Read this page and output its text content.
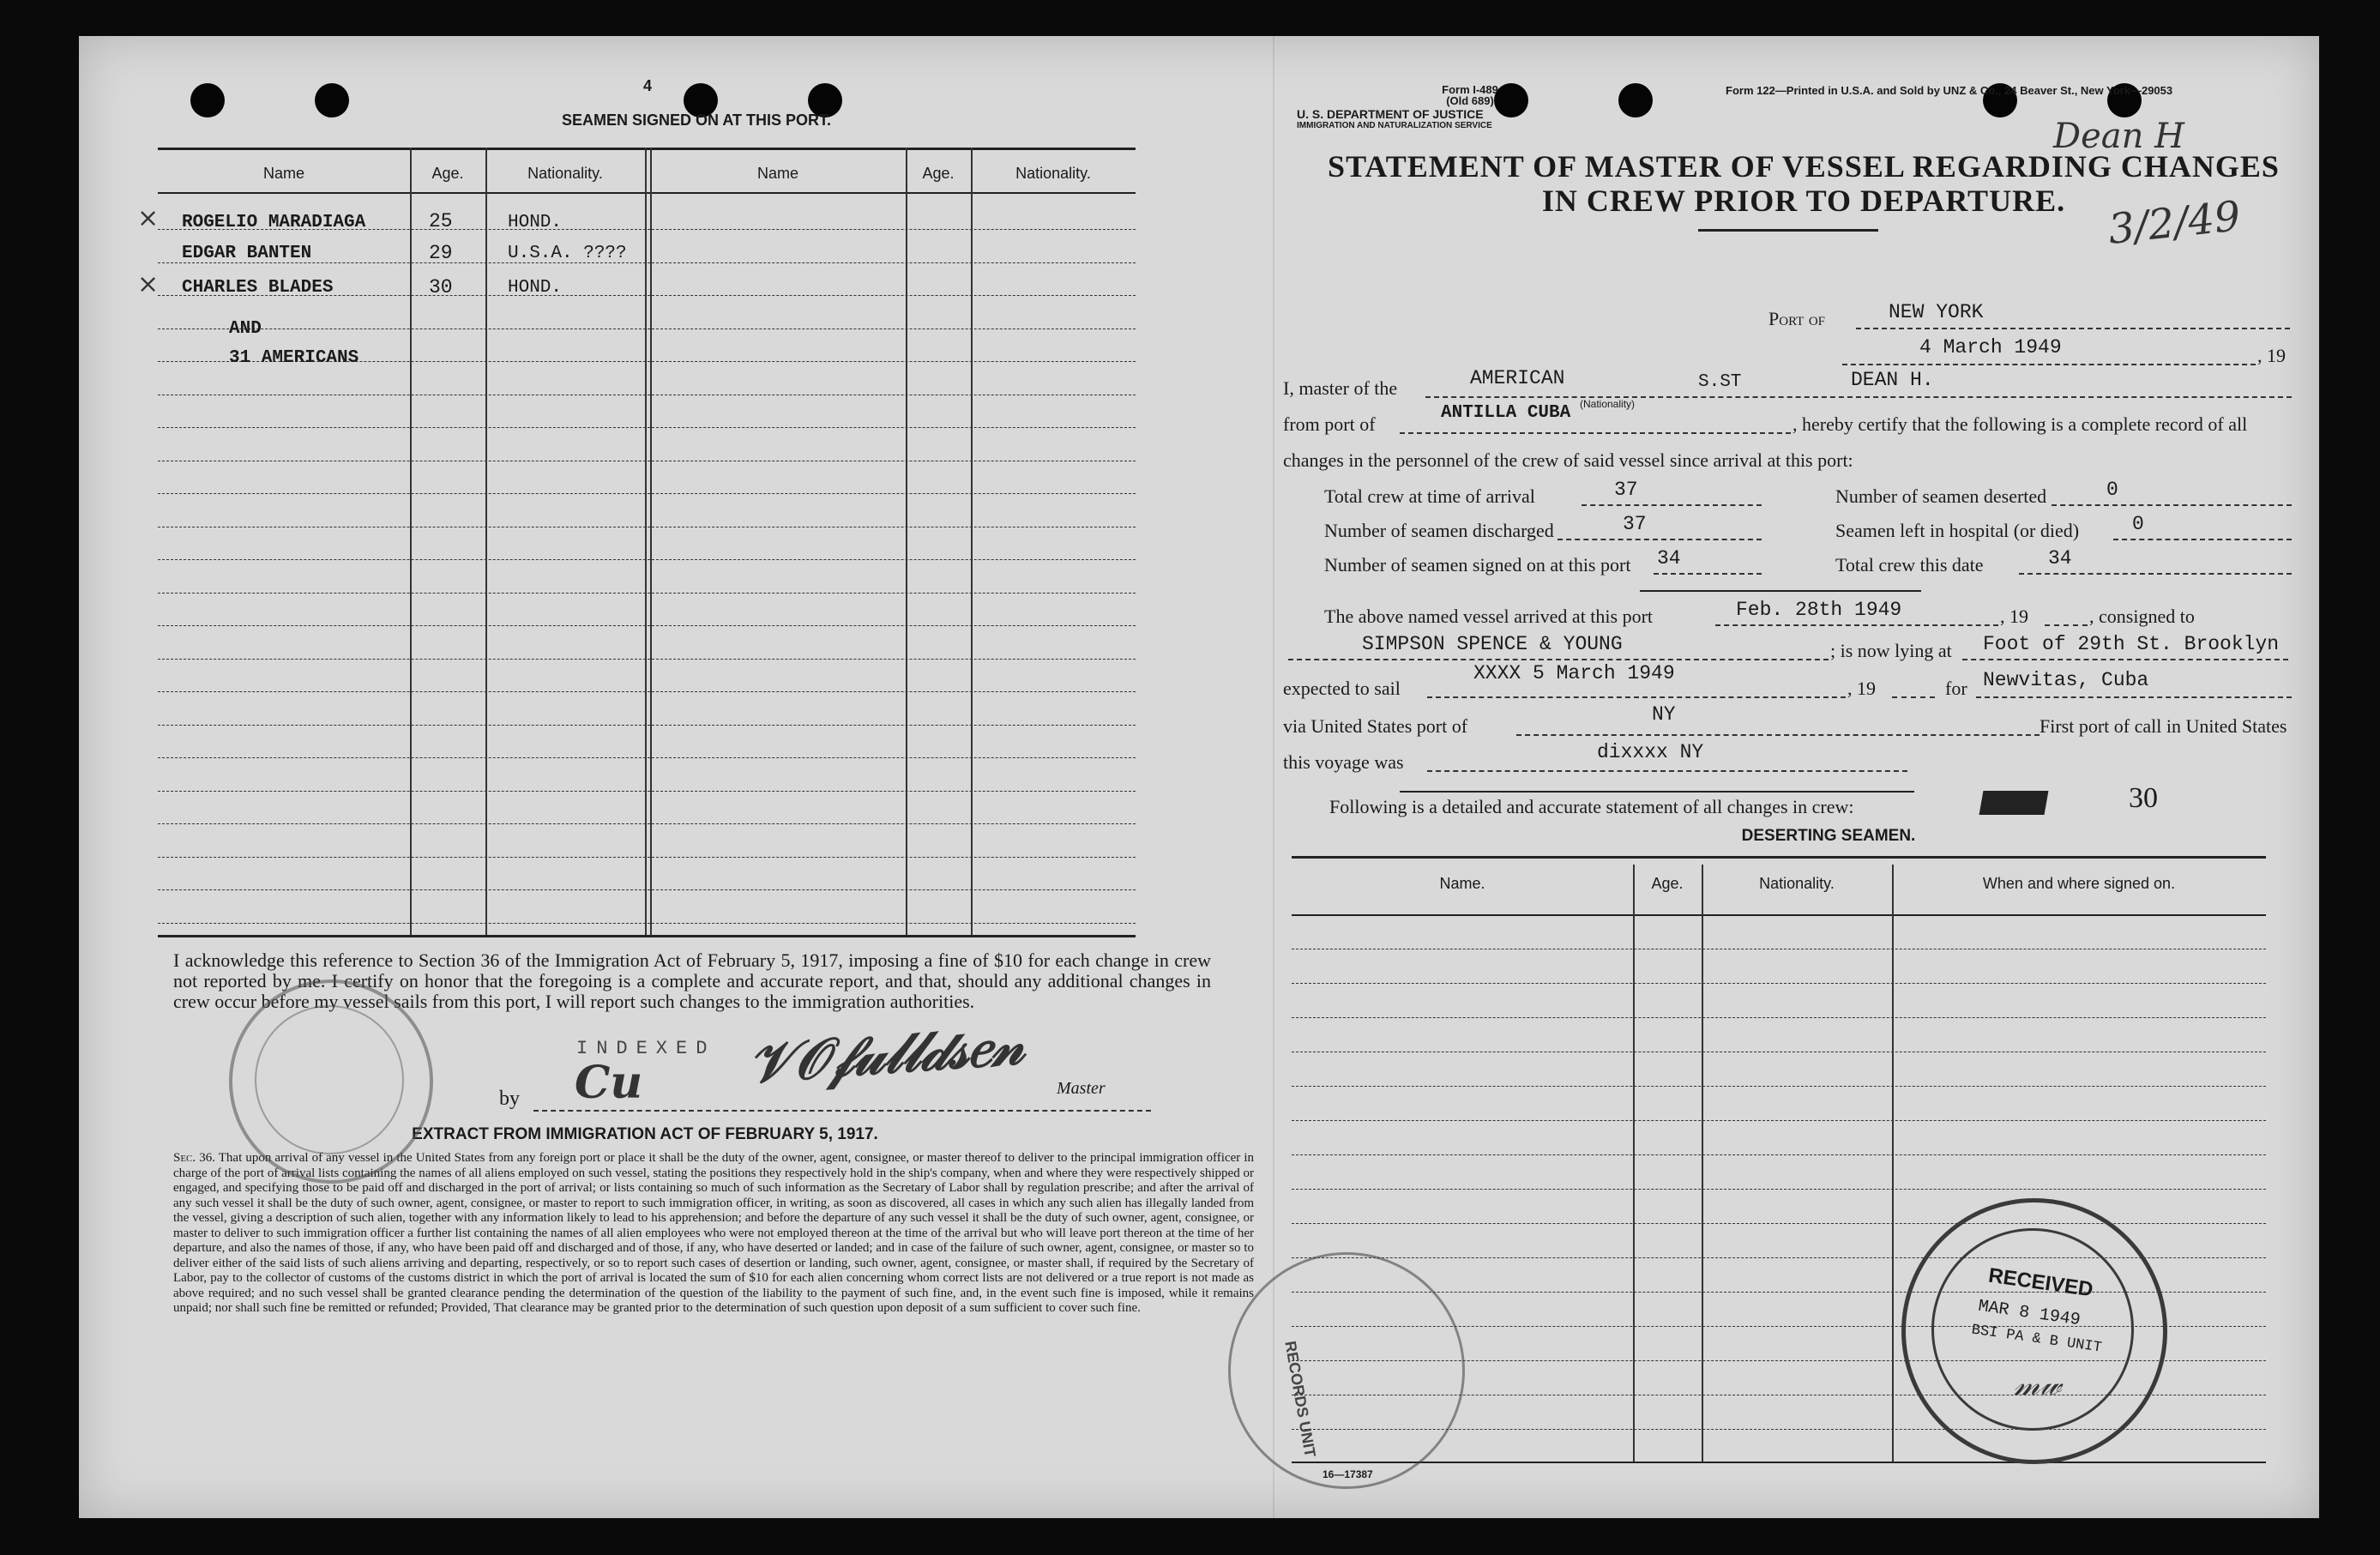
4
SEAMEN SIGNED ON AT THIS PORT.
Name	Age.	Nationality.	Name	Age.	Nationality.
ROGELIO MARADIAGA	25	HOND.
EDGAR BANTEN	29	U.S.A. ????
CHARLES BLADES	30	HOND.
AND
31 AMERICANS
×
×
I acknowledge this reference to Section 36 of the Immigration Act of February 5, 1917, imposing a fine of $10 for each change in crew not reported by me. I certify on honor that the foregoing is a complete and accurate report, and that, should any additional changes in crew occur before my vessel sails from this port, I will report such changes to the immigration authorities.
INDEXED
by Cu 𝒱𝒪𝒻𝓊𝓁𝓁𝒹𝓈𝑒𝓃 Master
EXTRACT FROM IMMIGRATION ACT OF FEBRUARY 5, 1917.
Sec. 36. That upon arrival of any vessel in the United States from any foreign port or place it shall be the duty of the owner, agent, consignee, or master thereof to deliver to the principal immigration officer in charge of the port of arrival lists containing the names of all aliens employed on such vessel, stating the positions they respectively hold in the ship's company, when and where they were respectively shipped or engaged, and specifying those to be paid off and discharged in the port of arrival; or lists containing so much of such information as the Secretary of Labor shall by regulation prescribe; and after the arrival of any such vessel it shall be the duty of such owner, agent, consignee, or master to report to such immigration officer, in writing, as soon as discovered, all cases in which any such alien has illegally landed from the vessel, giving a description of such alien, together with any information likely to lead to his apprehension; and before the departure of any such vessel it shall be the duty of such owner, agent, consignee, or master to deliver to such immigration officer a further list containing the names of all alien employees who were not employed thereon at the time of the arrival but who will leave port thereon at the time of her departure, and also the names of those, if any, who have been paid off and discharged and of those, if any, who have deserted or landed; and in case of the failure of such owner, agent, consignee, or master so to deliver either of the said lists of such aliens arriving and departing, respectively, or so to report such cases of desertion or landing, such owner, agent, consignee, or master shall, if required by the Secretary of Labor, pay to the collector of customs of the customs district in which the port of arrival is located the sum of $10 for each alien concerning whom correct lists are not delivered or a true report is not made as above required; and no such vessel shall be granted clearance pending the determination of the question of the liability to the payment of such fine, and, in the event such fine is imposed, while it remains unpaid; nor shall such fine be remitted or refunded; Provided, That clearance may be granted prior to the determination of such question upon deposit of a sum sufficient to cover such fine.
Form I-489
(Old 689)
U. S. DEPARTMENT OF JUSTICE
IMMIGRATION AND NATURALIZATION SERVICE
Form 122—Printed in U.S.A. and Sold by UNZ & Co., 24 Beaver St., New York—29053
Dean H
3/2/49
STATEMENT OF MASTER OF VESSEL REGARDING CHANGES
IN CREW PRIOR TO DEPARTURE.
Port of	NEW YORK
4 March 1949	, 19
I, master of the	AMERICAN
(Nationality)
S.ST	DEAN H.
from port of
ANTILLA CUBA
, hereby certify that the following is a complete record of all
changes in the personnel of the crew of said vessel since arrival at this port:
Total crew at time of arrival	37	Number of seamen deserted	0
Number of seamen discharged	37	Seamen left in hospital (or died)	0
Number of seamen signed on at this port 34	Total crew this date	34
The above named vessel arrived at this port	Feb. 28th 1949	, 19	, consigned to
SIMPSON SPENCE & YOUNG	; is now lying at Foot of 29th St. Brooklyn
expected to sail
XXXX 5 March 1949
, 19	for Newvitas, Cuba
via United States port of
NY
First port of call in United States
this voyage was	dixxxx NY
Following is a detailed and accurate statement of all changes in crew:	30
DESERTING SEAMEN.
Name.	Age.	Nationality.	When and where signed on.
16—17387
RECEIVED
MAR 8 1949
BSI PA & B UNIT
𝓂𝓌
RECORDS UNIT
